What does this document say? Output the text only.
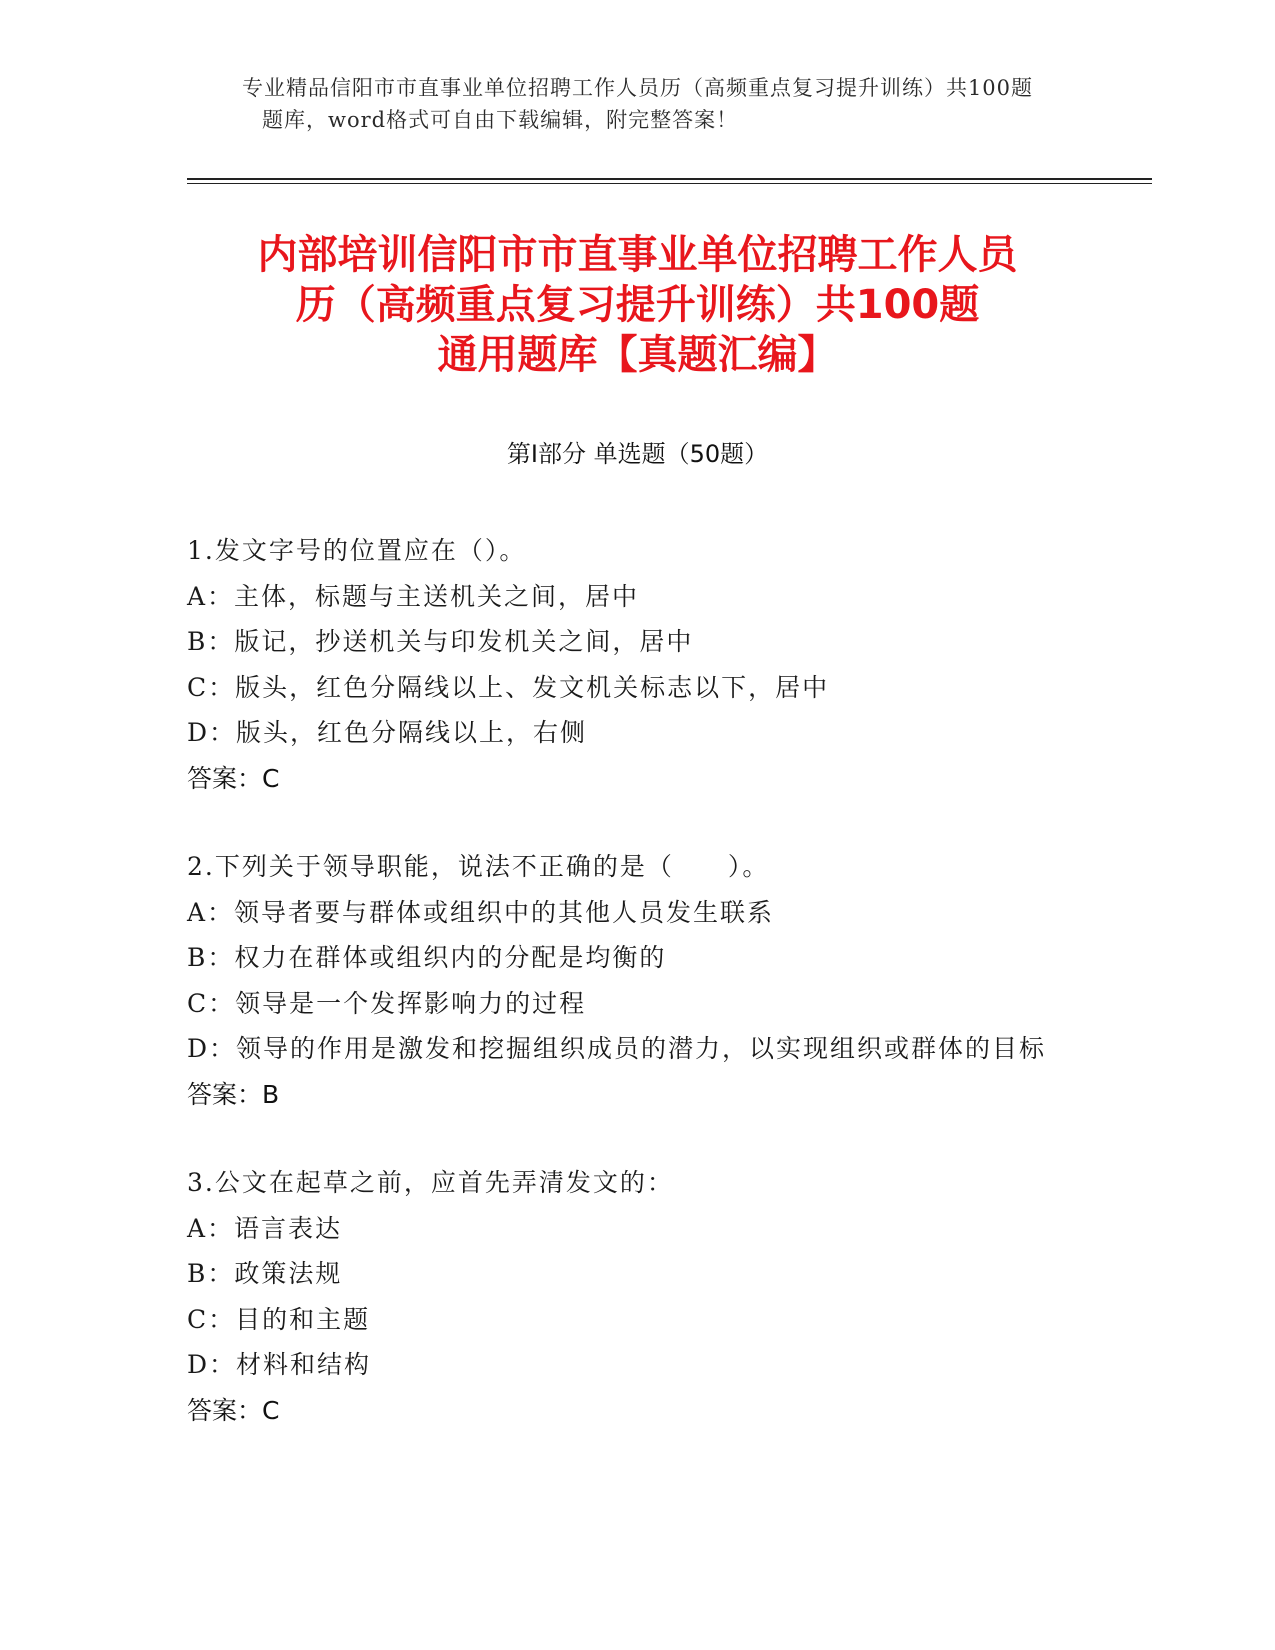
专业精品信阳市市直事业单位招聘工作人员历（高频重点复习提升训练）共100题
题库，word格式可自由下载编辑，附完整答案！
内部培训信阳市市直事业单位招聘工作人员
历（高频重点复习提升训练）共100题
通用题库【真题汇编】
第I部分 单选题（50题）
1.发文字号的位置应在（）。
A：主体，标题与主送机关之间，居中
B：版记，抄送机关与印发机关之间，居中
C：版头，红色分隔线以上、发文机关标志以下，居中
D：版头，红色分隔线以上，右侧
答案：C
2.下列关于领导职能，说法不正确的是（　　）。
A：领导者要与群体或组织中的其他人员发生联系
B：权力在群体或组织内的分配是均衡的
C：领导是一个发挥影响力的过程
D：领导的作用是激发和挖掘组织成员的潜力，以实现组织或群体的目标
答案：B
3.公文在起草之前，应首先弄清发文的：
A：语言表达
B：政策法规
C：目的和主题
D：材料和结构
答案：C
